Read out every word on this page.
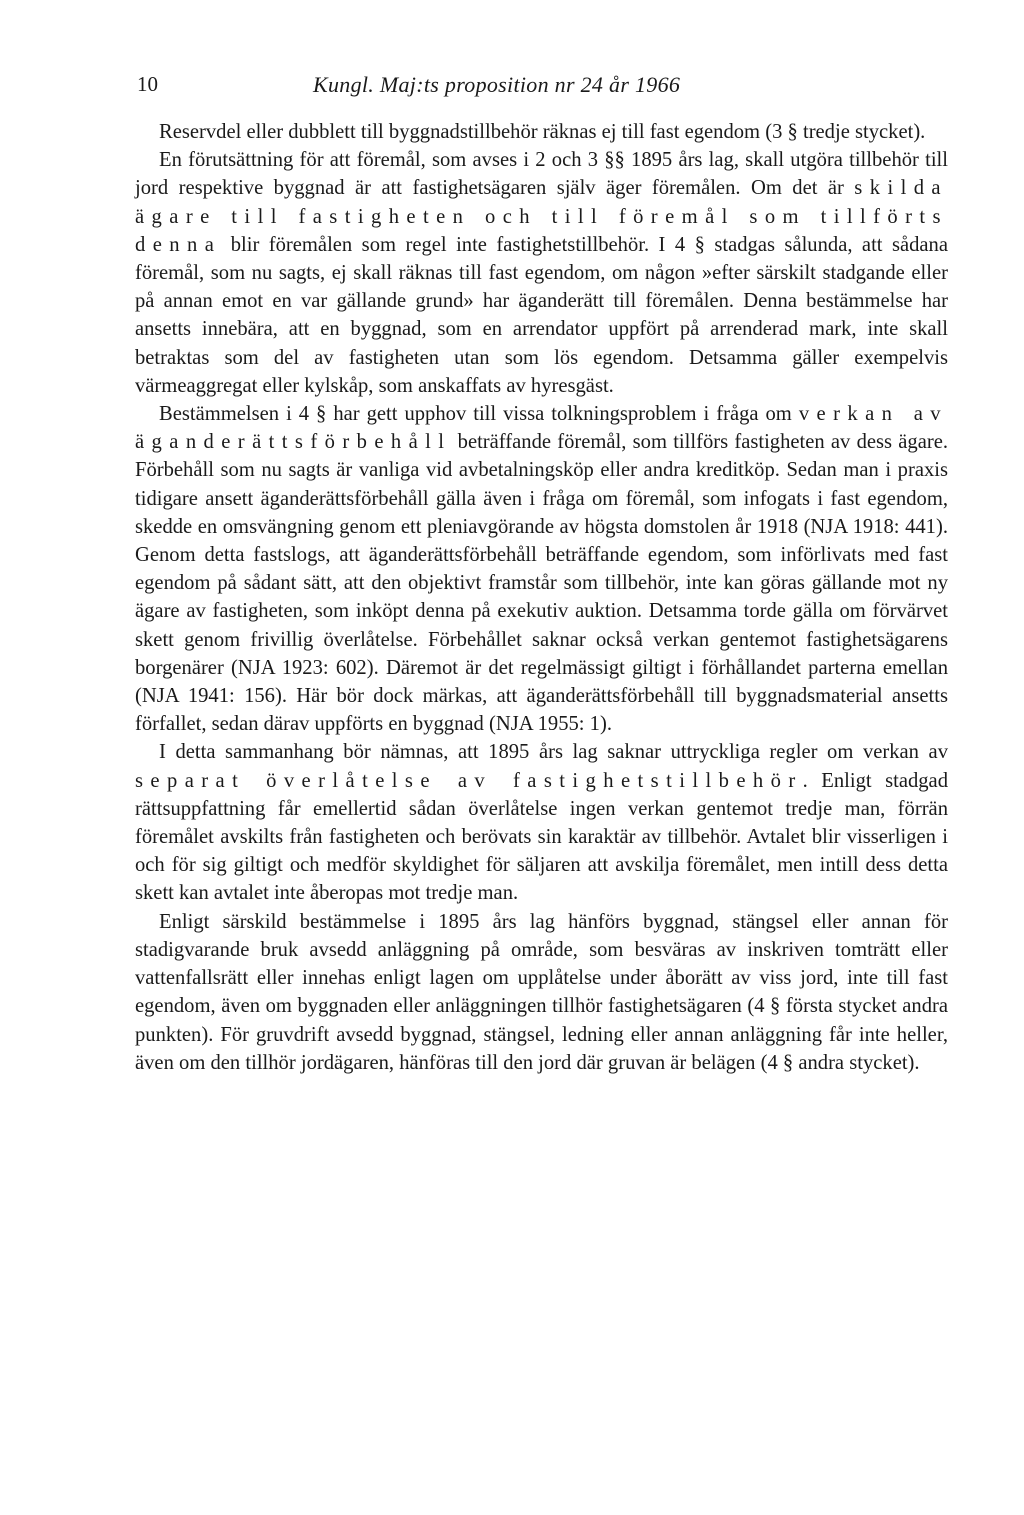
10	Kungl. Maj:ts proposition nr 24 år 1966

Reservdel eller dubblett till byggnadstillbehör räknas ej till fast egendom (3 § tredje stycket).

En förutsättning för att föremål, som avses i 2 och 3 §§ 1895 års lag, skall utgöra tillbehör till jord respektive byggnad är att fastighetsägaren själv äger föremålen. Om det är skilda ägare till fastigheten och till föremål som tillförts denna blir föremålen som regel inte fastighetstillbehör. I 4 § stadgas sålunda, att sådana föremål, som nu sagts, ej skall räknas till fast egendom, om någon »efter särskilt stadgande eller på annan emot en var gällande grund» har äganderätt till föremålen. Denna bestämmelse har ansetts innebära, att en byggnad, som en arrendator uppfört på arrenderad mark, inte skall betraktas som del av fastigheten utan som lös egendom. Detsamma gäller exempelvis värmeaggregat eller kylskåp, som anskaffats av hyresgäst.

Bestämmelsen i 4 § har gett upphov till vissa tolkningsproblem i fråga om verkan av äganderättsförbehåll beträffande föremål, som tillförs fastigheten av dess ägare. Förbehåll som nu sagts är vanliga vid avbetalningsköp eller andra kreditköp. Sedan man i praxis tidigare ansett äganderättsförbehåll gälla även i fråga om föremål, som infogats i fast egendom, skedde en omsvängning genom ett pleniavgörande av högsta domstolen år 1918 (NJA 1918: 441). Genom detta fastslogs, att äganderättsförbehåll beträffande egendom, som införlivats med fast egendom på sådant sätt, att den objektivt framstår som tillbehör, inte kan göras gällande mot ny ägare av fastigheten, som inköpt denna på exekutiv auktion. Detsamma torde gälla om förvärvet skett genom frivillig överlåtelse. Förbehållet saknar också verkan gentemot fastighetsägarens borgenärer (NJA 1923: 602). Däremot är det regelmässigt giltigt i förhållandet parterna emellan (NJA 1941: 156). Här bör dock märkas, att äganderättsförbehåll till byggnadsmaterial ansetts förfallet, sedan därav uppförts en byggnad (NJA 1955: 1).

I detta sammanhang bör nämnas, att 1895 års lag saknar uttryckliga regler om verkan av separat överlåtelse av fastighetstillbehör. Enligt stadgad rättsuppfattning får emellertid sådan överlåtelse ingen verkan gentemot tredje man, förrän föremålet avskilts från fastigheten och berövats sin karaktär av tillbehör. Avtalet blir visserligen i och för sig giltigt och medför skyldighet för säljaren att avskilja föremålet, men intill dess detta skett kan avtalet inte åberopas mot tredje man.

Enligt särskild bestämmelse i 1895 års lag hänförs byggnad, stängsel eller annan för stadigvarande bruk avsedd anläggning på område, som besväras av inskriven tomträtt eller vattenfallsrätt eller innehas enligt lagen om upplåtelse under åborätt av viss jord, inte till fast egendom, även om byggnaden eller anläggningen tillhör fastighetsägaren (4 § första stycket andra punkten). För gruvdrift avsedd byggnad, stängsel, ledning eller annan anläggning får inte heller, även om den tillhör jordägaren, hänföras till den jord där gruvan är belägen (4 § andra stycket).
